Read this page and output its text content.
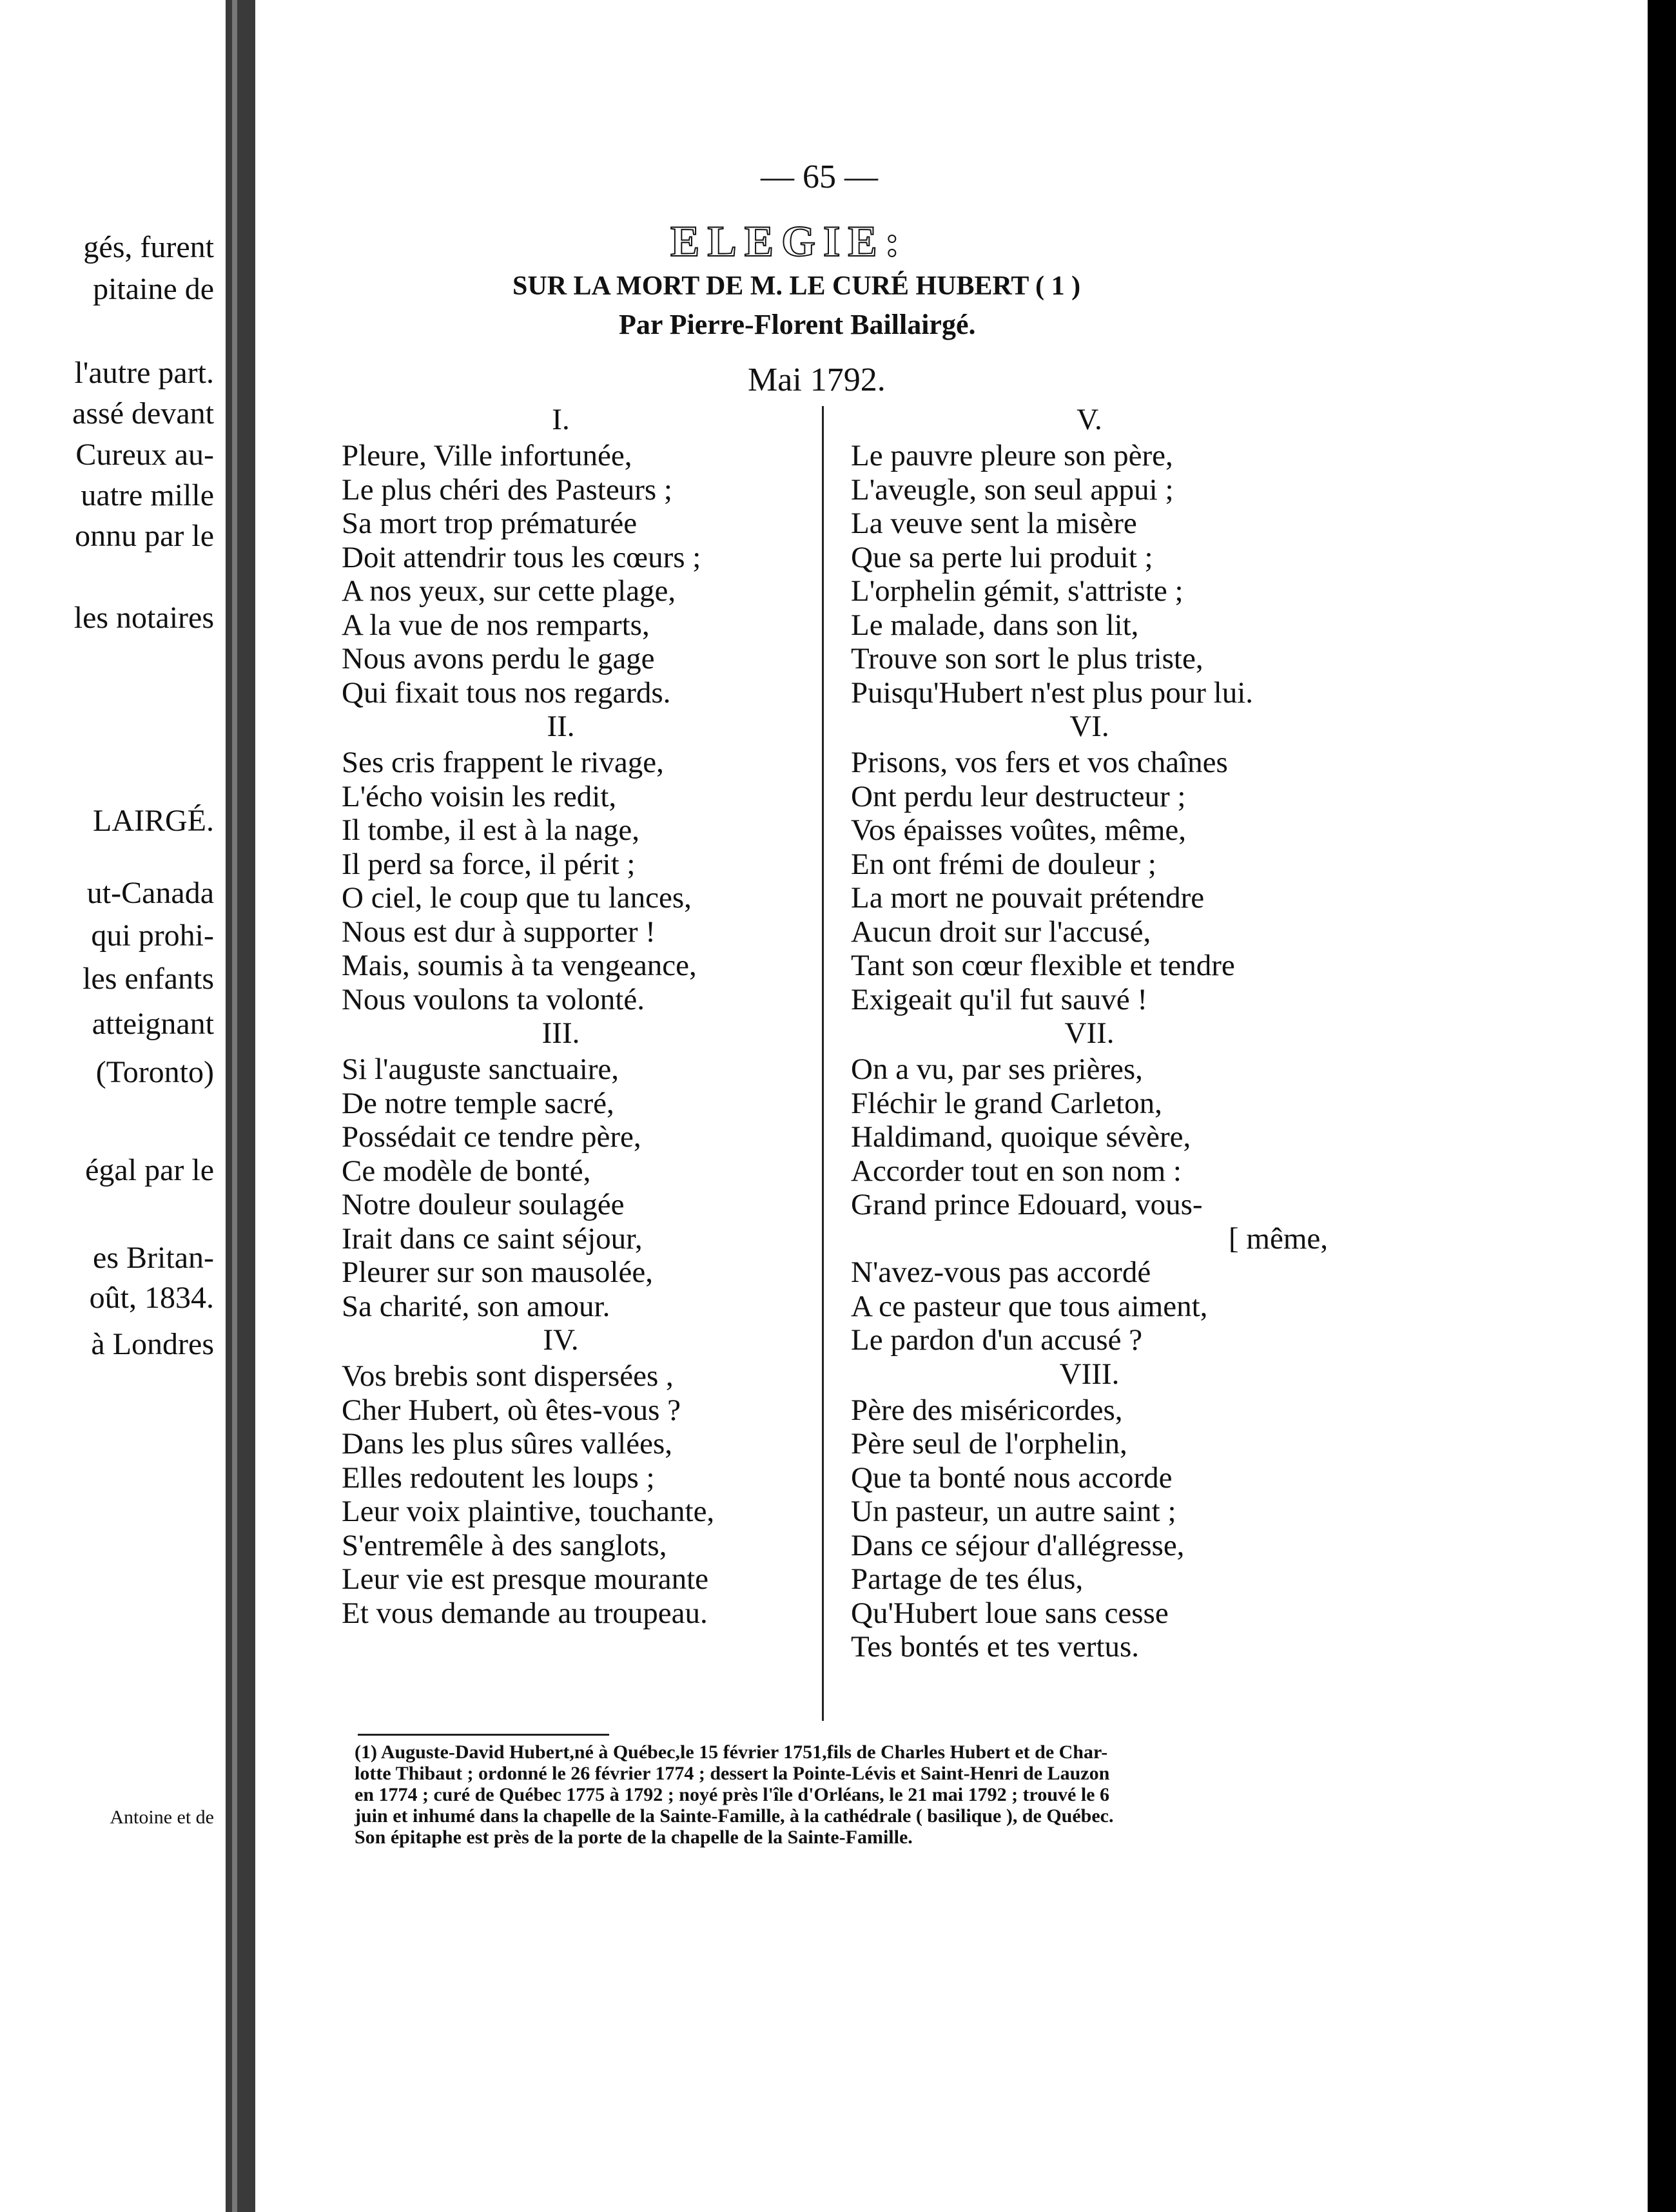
gés, furent
pitaine de
l'autre part.
assé devant
Cureux au-
uatre mille
onnu par le
les notaires
LAIRGÉ.
ut-Canada
qui prohi-
les enfants
atteignant
(Toronto)
égal par le
es Britan-
oût, 1834.
à Londres
Antoine et de
— 65 —
ELEGIE:
SUR LA MORT DE M. LE CURÉ HUBERT ( 1 )
Par Pierre-Florent Baillairgé.
Mai 1792.
I.
Pleure, Ville infortunée,
Le plus chéri des Pasteurs ;
Sa mort trop prématurée
Doit attendrir tous les cœurs ;
A nos yeux, sur cette plage,
A la vue de nos remparts,
Nous avons perdu le gage
Qui fixait tous nos regards.
II.
Ses cris frappent le rivage,
L'écho voisin les redit,
Il tombe, il est à la nage,
Il perd sa force, il périt ;
O ciel, le coup que tu lances,
Nous est dur à supporter !
Mais, soumis à ta vengeance,
Nous voulons ta volonté.
III.
Si l'auguste sanctuaire,
De notre temple sacré,
Possédait ce tendre père,
Ce modèle de bonté,
Notre douleur soulagée
Irait dans ce saint séjour,
Pleurer sur son mausolée,
Sa charité, son amour.
IV.
Vos brebis sont dispersées ,
Cher Hubert, où êtes-vous ?
Dans les plus sûres vallées,
Elles redoutent les loups ;
Leur voix plaintive, touchante,
S'entremêle à des sanglots,
Leur vie est presque mourante
Et vous demande au troupeau.
V.
Le pauvre pleure son père,
L'aveugle, son seul appui ;
La veuve sent la misère
Que sa perte lui produit ;
L'orphelin gémit, s'attriste ;
Le malade, dans son lit,
Trouve son sort le plus triste,
Puisqu'Hubert n'est plus pour lui.
VI.
Prisons, vos fers et vos chaînes
Ont perdu leur destructeur ;
Vos épaisses voûtes, même,
En ont frémi de douleur ;
La mort ne pouvait prétendre
Aucun droit sur l'accusé,
Tant son cœur flexible et tendre
Exigeait qu'il fut sauvé !
VII.
On a vu, par ses prières,
Fléchir le grand Carleton,
Haldimand, quoique sévère,
Accorder tout en son nom :
Grand prince Edouard, vous-
[ même,
N'avez-vous pas accordé
A ce pasteur que tous aiment,
Le pardon d'un accusé ?
VIII.
Père des miséricordes,
Père seul de l'orphelin,
Que ta bonté nous accorde
Un pasteur, un autre saint ;
Dans ce séjour d'allégresse,
Partage de tes élus,
Qu'Hubert loue sans cesse
Tes bontés et tes vertus.
(1) Auguste-David Hubert,né à Québec,le 15 février 1751,fils de Charles Hubert et de Char-
lotte Thibaut ; ordonné le 26 février 1774 ; dessert la Pointe-Lévis et Saint-Henri de Lauzon
en 1774 ; curé de Québec 1775 à 1792 ; noyé près l'île d'Orléans, le 21 mai 1792 ; trouvé le 6
juin et inhumé dans la chapelle de la Sainte-Famille, à la cathédrale ( basilique ), de Québec.
Son épitaphe est près de la porte de la chapelle de la Sainte-Famille.
